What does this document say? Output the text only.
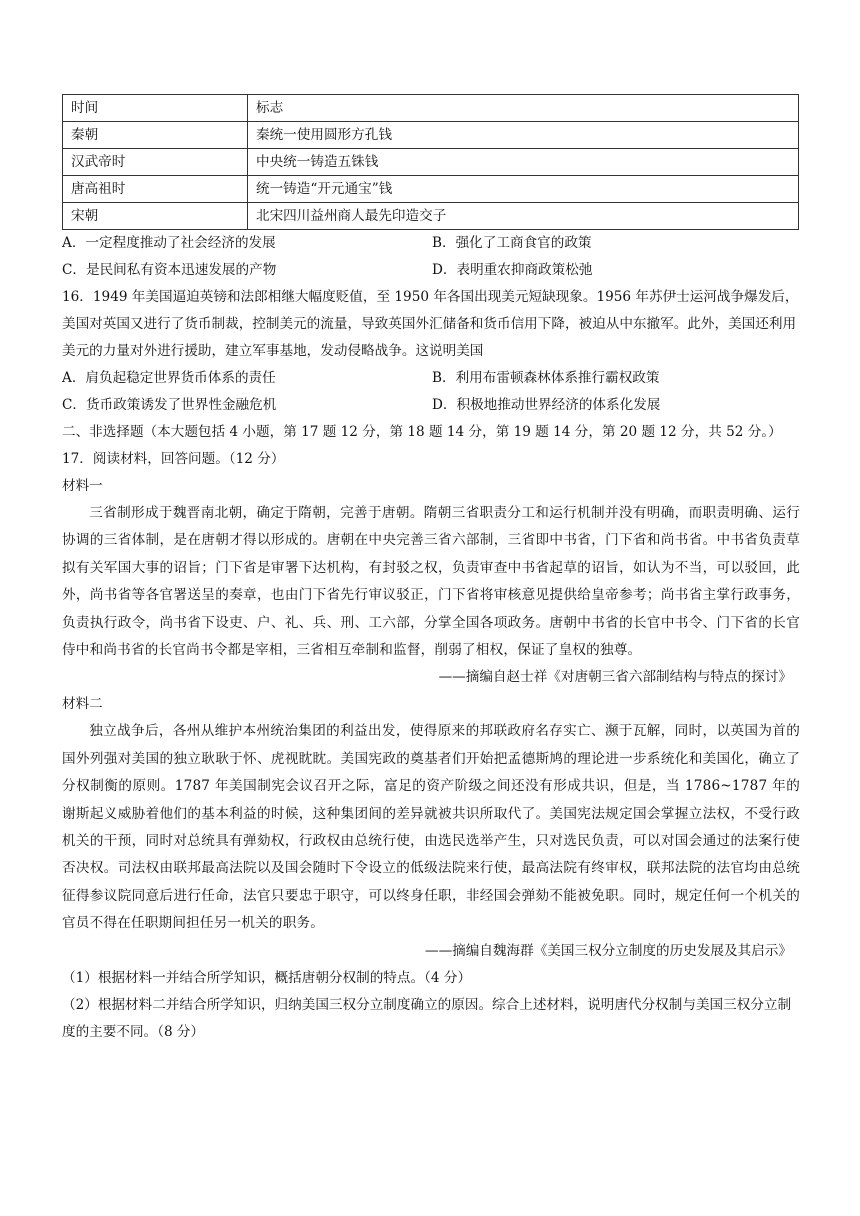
时间	标志
秦朝	秦统一使用圆形方孔钱
汉武帝时	中央统一铸造五铢钱
唐高祖时	统一铸造“开元通宝”钱
宋朝	北宋四川益州商人最先印造交子
A．一定程度推动了社会经济的发展	B．强化了工商食官的政策
C．是民间私有资本迅速发展的产物	D．表明重农抑商政策松弛

16．1949 年美国逼迫英镑和法郎相继大幅度贬值，至 1950 年各国出现美元短缺现象。1956 年苏伊士运河战争爆发后，美国对英国又进行了货币制裁，控制美元的流量，导致英国外汇储备和货币信用下降，被迫从中东撤军。此外，美国还利用美元的力量对外进行援助，建立军事基地，发动侵略战争。这说明美国

A．肩负起稳定世界货币体系的责任	B．利用布雷顿森林体系推行霸权政策
C．货币政策诱发了世界性金融危机	D．积极地推动世界经济的体系化发展

二、非选择题（本大题包括 4 小题，第 17 题 12 分，第 18 题 14 分，第 19 题 14 分，第 20 题 12 分，共 52 分。）

17．阅读材料，回答问题。（12 分）

材料一

三省制形成于魏晋南北朝，确定于隋朝，完善于唐朝。隋朝三省职责分工和运行机制并没有明确，而职责明确、运行协调的三省体制，是在唐朝才得以形成的。唐朝在中央完善三省六部制，三省即中书省，门下省和尚书省。中书省负责草拟有关军国大事的诏旨；门下省是审署下达机构，有封驳之权，负责审查中书省起草的诏旨，如认为不当，可以驳回，此外，尚书省等各官署送呈的奏章，也由门下省先行审议驳正，门下省将审核意见提供给皇帝参考；尚书省主掌行政事务，负责执行政令，尚书省下设吏、户、礼、兵、刑、工六部，分掌全国各项政务。唐朝中书省的长官中书令、门下省的长官侍中和尚书省的长官尚书令都是宰相，三省相互牵制和监督，削弱了相权，保证了皇权的独尊。

——摘编自赵士祥《对唐朝三省六部制结构与特点的探讨》

材料二

独立战争后，各州从维护本州统治集团的利益出发，使得原来的邦联政府名存实亡、濒于瓦解，同时，以英国为首的国外列强对美国的独立耿耿于怀、虎视眈眈。美国宪政的奠基者们开始把孟德斯鸠的理论进一步系统化和美国化，确立了分权制衡的原则。1787 年美国制宪会议召开之际，富足的资产阶级之间还没有形成共识，但是，当 1786~1787 年的谢斯起义威胁着他们的基本利益的时候，这种集团间的差异就被共识所取代了。美国宪法规定国会掌握立法权，不受行政机关的干预，同时对总统具有弹劾权，行政权由总统行使，由选民选举产生，只对选民负责，可以对国会通过的法案行使否决权。司法权由联邦最高法院以及国会随时下令设立的低级法院来行使，最高法院有终审权，联邦法院的法官均由总统征得参议院同意后进行任命，法官只要忠于职守，可以终身任职，非经国会弹劾不能被免职。同时，规定任何一个机关的官员不得在任职期间担任另一机关的职务。

——摘编自魏海群《美国三权分立制度的历史发展及其启示》

（1）根据材料一并结合所学知识，概括唐朝分权制的特点。（4 分）

（2）根据材料二并结合所学知识，归纳美国三权分立制度确立的原因。综合上述材料，说明唐代分权制与美国三权分立制度的主要不同。（8 分）
